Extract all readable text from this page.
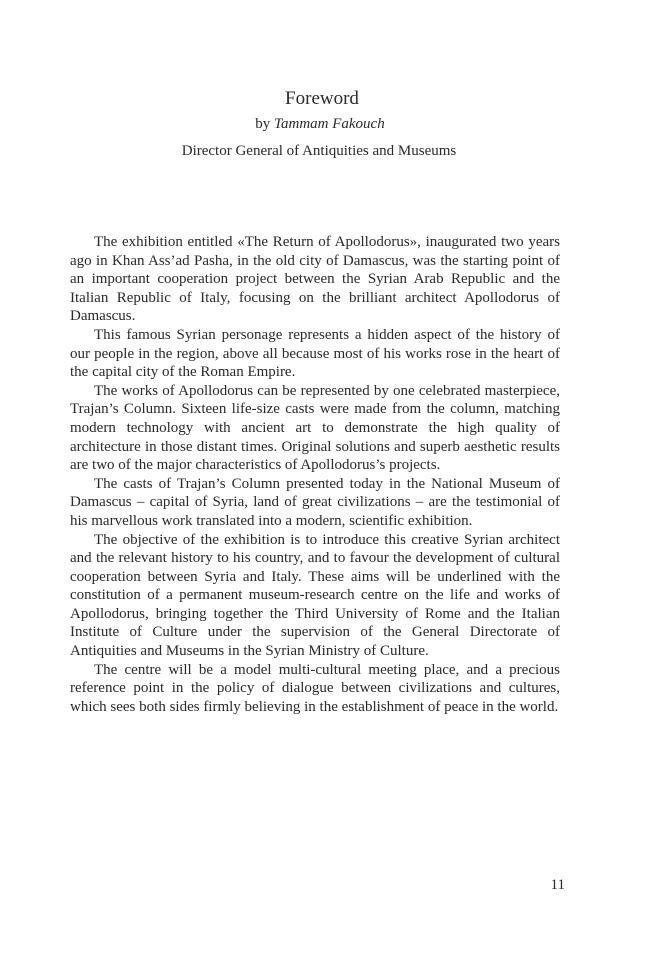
Foreword
by Tammam Fakouch
Director General of Antiquities and Museums

The exhibition entitled «The Return of Apollodorus», inaugurated two years ago in Khan Ass’ad Pasha, in the old city of Damascus, was the starting point of an important cooperation project between the Syrian Arab Republic and the Italian Republic of Italy, focusing on the brilliant architect Apollodorus of Damascus.

This famous Syrian personage represents a hidden aspect of the history of our people in the region, above all because most of his works rose in the heart of the capital city of the Roman Empire.

The works of Apollodorus can be represented by one celebrated masterpiece, Trajan’s Column. Sixteen life-size casts were made from the column, matching modern technology with ancient art to demonstrate the high quality of architecture in those distant times. Original solutions and superb aesthetic results are two of the major characteristics of Apollodorus’s projects.

The casts of Trajan’s Column presented today in the National Museum of Damascus – capital of Syria, land of great civilizations – are the testimonial of his marvellous work translated into a modern, scientific exhibition.

The objective of the exhibition is to introduce this creative Syrian architect and the relevant history to his country, and to favour the development of cultural cooperation between Syria and Italy. These aims will be underlined with the constitution of a permanent museum-research centre on the life and works of Apollodorus, bringing together the Third University of Rome and the Italian Institute of Culture under the supervision of the General Directorate of Antiquities and Museums in the Syrian Ministry of Culture.

The centre will be a model multi-cultural meeting place, and a precious reference point in the policy of dialogue between civilizations and cultures, which sees both sides firmly believing in the establishment of peace in the world.

11
